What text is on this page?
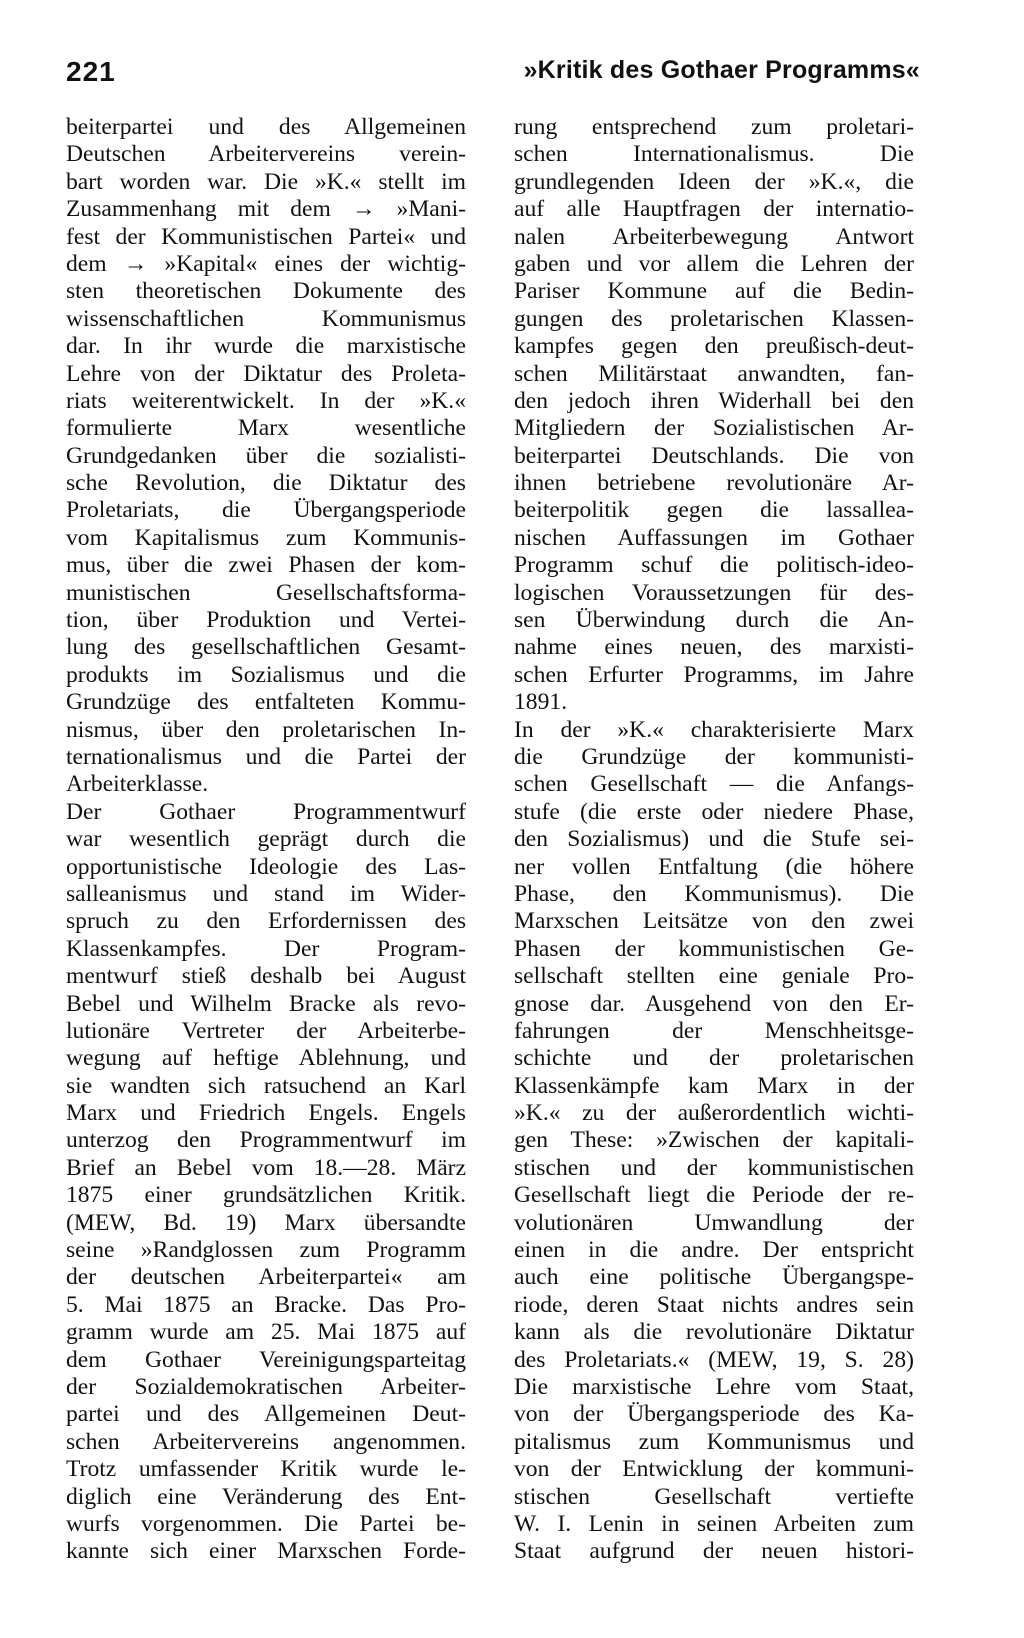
221	»Kritik des Gothaer Programms«
beiterpartei und des Allgemeinen
Deutschen Arbeitervereins verein-
bart worden war. Die »K.« stellt im
Zusammenhang mit dem → »Mani-
fest der Kommunistischen Partei« und
dem → »Kapital« eines der wichtig-
sten theoretischen Dokumente des
wissenschaftlichen Kommunismus
dar. In ihr wurde die marxistische
Lehre von der Diktatur des Proleta-
riats weiterentwickelt. In der »K.«
formulierte Marx wesentliche
Grundgedanken über die sozialisti-
sche Revolution, die Diktatur des
Proletariats, die Übergangsperiode
vom Kapitalismus zum Kommunis-
mus, über die zwei Phasen der kom-
munistischen Gesellschaftsforma-
tion, über Produktion und Vertei-
lung des gesellschaftlichen Gesamt-
produkts im Sozialismus und die
Grundzüge des entfalteten Kommu-
nismus, über den proletarischen In-
ternationalismus und die Partei der
Arbeiterklasse.
Der Gothaer Programmentwurf
war wesentlich geprägt durch die
opportunistische Ideologie des Las-
salleanismus und stand im Wider-
spruch zu den Erfordernissen des
Klassenkampfes. Der Program-
mentwurf stieß deshalb bei August
Bebel und Wilhelm Bracke als revo-
lutionäre Vertreter der Arbeiterbe-
wegung auf heftige Ablehnung, und
sie wandten sich ratsuchend an Karl
Marx und Friedrich Engels. Engels
unterzog den Programmentwurf im
Brief an Bebel vom 18.—28. März
1875 einer grundsätzlichen Kritik.
(MEW, Bd. 19) Marx übersandte
seine »Randglossen zum Programm
der deutschen Arbeiterpartei« am
5. Mai 1875 an Bracke. Das Pro-
gramm wurde am 25. Mai 1875 auf
dem Gothaer Vereinigungsparteitag
der Sozialdemokratischen Arbeiter-
partei und des Allgemeinen Deut-
schen Arbeitervereins angenommen.
Trotz umfassender Kritik wurde le-
diglich eine Veränderung des Ent-
wurfs vorgenommen. Die Partei be-
kannte sich einer Marxschen Forde-
rung entsprechend zum proletari-
schen Internationalismus. Die
grundlegenden Ideen der »K.«, die
auf alle Hauptfragen der internatio-
nalen Arbeiterbewegung Antwort
gaben und vor allem die Lehren der
Pariser Kommune auf die Bedin-
gungen des proletarischen Klassen-
kampfes gegen den preußisch-deut-
schen Militärstaat anwandten, fan-
den jedoch ihren Widerhall bei den
Mitgliedern der Sozialistischen Ar-
beiterpartei Deutschlands. Die von
ihnen betriebene revolutionäre Ar-
beiterpolitik gegen die lassallea-
nischen Auffassungen im Gothaer
Programm schuf die politisch-ideo-
logischen Voraussetzungen für des-
sen Überwindung durch die An-
nahme eines neuen, des marxisti-
schen Erfurter Programms, im Jahre
1891.
In der »K.« charakterisierte Marx
die Grundzüge der kommunisti-
schen Gesellschaft — die Anfangs-
stufe (die erste oder niedere Phase,
den Sozialismus) und die Stufe sei-
ner vollen Entfaltung (die höhere
Phase, den Kommunismus). Die
Marxschen Leitsätze von den zwei
Phasen der kommunistischen Ge-
sellschaft stellten eine geniale Pro-
gnose dar. Ausgehend von den Er-
fahrungen der Menschheitsge-
schichte und der proletarischen
Klassenkämpfe kam Marx in der
»K.« zu der außerordentlich wichti-
gen These: »Zwischen der kapitali-
stischen und der kommunistischen
Gesellschaft liegt die Periode der re-
volutionären Umwandlung der
einen in die andre. Der entspricht
auch eine politische Übergangspe-
riode, deren Staat nichts andres sein
kann als die revolutionäre Diktatur
des Proletariats.« (MEW, 19, S. 28)
Die marxistische Lehre vom Staat,
von der Übergangsperiode des Ka-
pitalismus zum Kommunismus und
von der Entwicklung der kommuni-
stischen Gesellschaft vertiefte
W. I. Lenin in seinen Arbeiten zum
Staat aufgrund der neuen histori-
